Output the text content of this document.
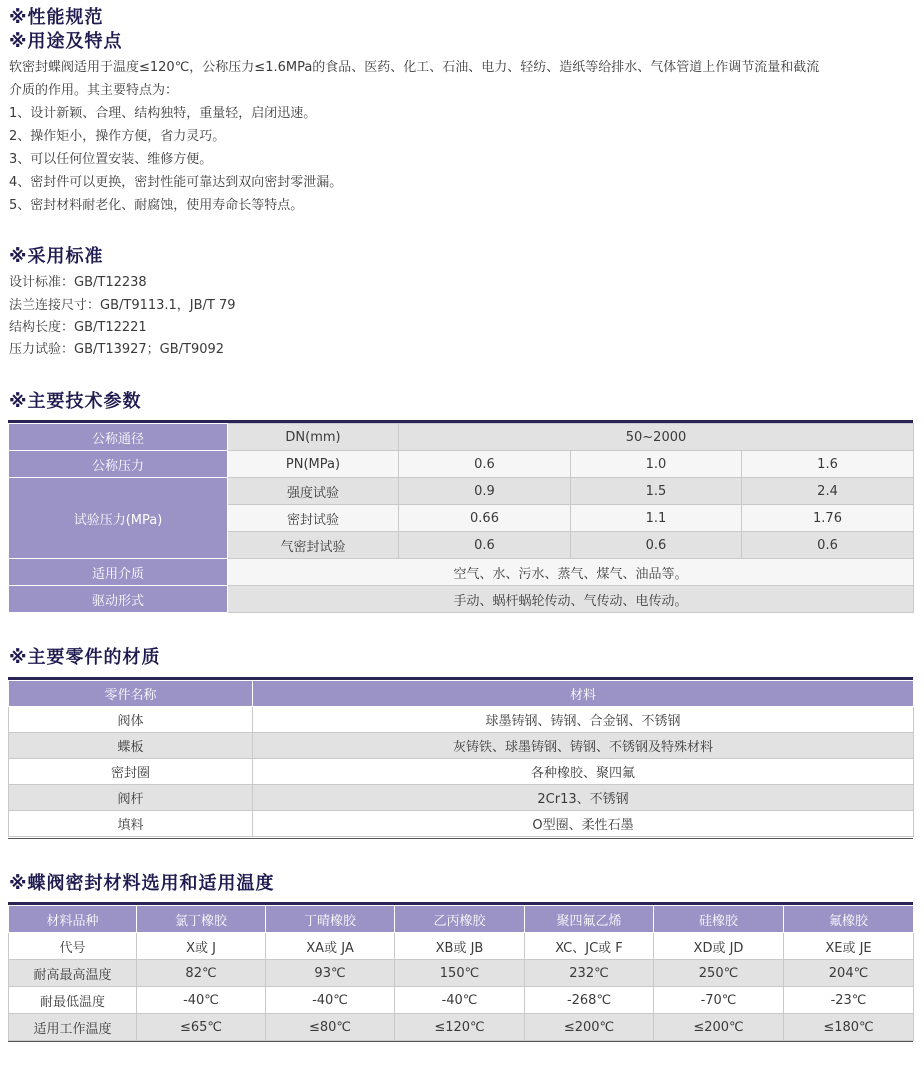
※性能规范
※用途及特点
软密封蝶阀适用于温度≤120℃，公称压力≤1.6MPa的食品、医药、化工、石油、电力、轻纺、造纸等给排水、气体管道上作调节流量和截流
介质的作用。其主要特点为：
1、设计新颖、合理、结构独特，重量轻，启闭迅速。
2、操作矩小，操作方便，省力灵巧。
3、可以任何位置安装、维修方便。
4、密封件可以更换，密封性能可靠达到双向密封零泄漏。
5、密封材料耐老化、耐腐蚀，使用寿命长等特点。
※采用标准
设计标准：GB/T12238
法兰连接尺寸：GB/T9113.1，JB/T 79
结构长度：GB/T12221
压力试验：GB/T13927；GB/T9092
※主要技术参数
公称通径	DN(mm)	50~2000		
公称压力	PN(MPa)	0.6	1.0	1.6
试验压力(MPa)	强度试验	0.9	1.5	2.4
	密封试验	0.66	1.1	1.76
	气密封试验	0.6	0.6	0.6
适用介质	空气、水、污水、蒸气、煤气、油品等。			
驱动形式	手动、蜗杆蜗轮传动、气传动、电传动。			
※主要零件的材质
零件名称	材料
阀体	球墨铸钢、铸钢、合金钢、不锈钢
蝶板	灰铸铁、球墨铸钢、铸钢、不锈钢及特殊材料
密封圈	各种橡胶、聚四氟
阀杆	2Cr13、不锈钢
填料	O型圈、柔性石墨
※蝶阀密封材料选用和适用温度
材料品种	氯丁橡胶	丁晴橡胶	乙丙橡胶	聚四氟乙烯	硅橡胶	氟橡胶
代号	X或 J	XA或 JA	XB或 JB	XC、JC或 F	XD或 JD	XE或 JE
耐高最高温度	82℃	93℃	150℃	232℃	250℃	204℃
耐最低温度	-40℃	-40℃	-40℃	-268℃	-70℃	-23℃
适用工作温度	≤65℃	≤80℃	≤120℃	≤200℃	≤200℃	≤180℃
